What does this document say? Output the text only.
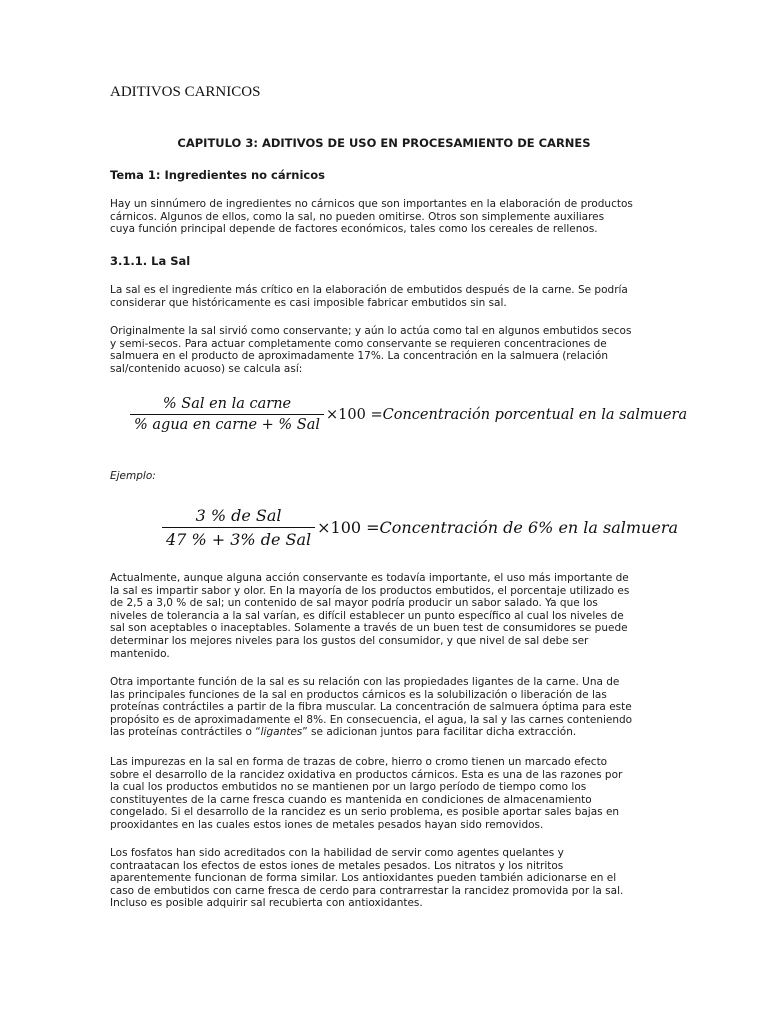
ADITIVOS CARNICOS
CAPITULO 3: ADITIVOS DE USO EN PROCESAMIENTO DE CARNES
Tema 1: Ingredientes no cárnicos

Hay un sinnúmero de ingredientes no cárnicos que son importantes en la elaboración de productos
cárnicos. Algunos de ellos, como la sal, no pueden omitirse. Otros son simplemente auxiliares
cuya función principal depende de factores económicos, tales como los cereales de rellenos.

3.1.1. La Sal

La sal es el ingrediente más crítico en la elaboración de embutidos después de la carne. Se podría
considerar que históricamente es casi imposible fabricar embutidos sin sal.

Originalmente la sal sirvió como conservante; y aún lo actúa como tal en algunos embutidos secos
y semi-secos. Para actuar completamente como conservante se requieren concentraciones de
salmuera en el producto de aproximadamente 17%. La concentración en la salmuera (relación
sal/contenido acuoso) se calcula así:

$\frac{\text{\% Sal en la carne}}{\text{\% agua en carne + \% Sal}} \times 100$ = Concentración porcentual en la salmuera
Ejemplo:
$\frac{\text{3 \% de Sal}}{\text{47 \% + 3\% de Sal}} \times 100$ = Concentración de 6% en la salmuera

Actualmente, aunque alguna acción conservante es todavía importante, el uso más importante de
la sal es impartir sabor y olor. En la mayoría de los productos embutidos, el porcentaje utilizado es
de 2,5 a 3,0 % de sal; un contenido de sal mayor podría producir un sabor salado. Ya que los
niveles de tolerancia a la sal varían, es difícil establecer un punto específico al cual los niveles de
sal son aceptables o inaceptables. Solamente a través de un buen test de consumidores se puede
determinar los mejores niveles para los gustos del consumidor, y que nivel de sal debe ser
mantenido.

Otra importante función de la sal es su relación con las propiedades ligantes de la carne. Una de
las principales funciones de la sal en productos cárnicos es la solubilización o liberación de las
proteínas contráctiles a partir de la fibra muscular. La concentración de salmuera óptima para este
propósito es de aproximadamente el 8%. En consecuencia, el agua, la sal y las carnes conteniendo
las proteínas contráctiles o “ligantes” se adicionan juntos para facilitar dicha extracción.

Las impurezas en la sal en forma de trazas de cobre, hierro o cromo tienen un marcado efecto
sobre el desarrollo de la rancidez oxidativa en productos cárnicos. Esta es una de las razones por
la cual los productos embutidos no se mantienen por un largo período de tiempo como los
constituyentes de la carne fresca cuando es mantenida en condiciones de almacenamiento
congelado. Si el desarrollo de la rancidez es un serio problema, es posible aportar sales bajas en
prooxidantes en las cuales estos iones de metales pesados hayan sido removidos.

Los fosfatos han sido acreditados con la habilidad de servir como agentes quelantes y
contraatacan los efectos de estos iones de metales pesados. Los nitratos y los nitritos
aparentemente funcionan de forma similar. Los antioxidantes pueden también adicionarse en el
caso de embutidos con carne fresca de cerdo para contrarrestar la rancidez promovida por la sal.
Incluso es posible adquirir sal recubierta con antioxidantes.
